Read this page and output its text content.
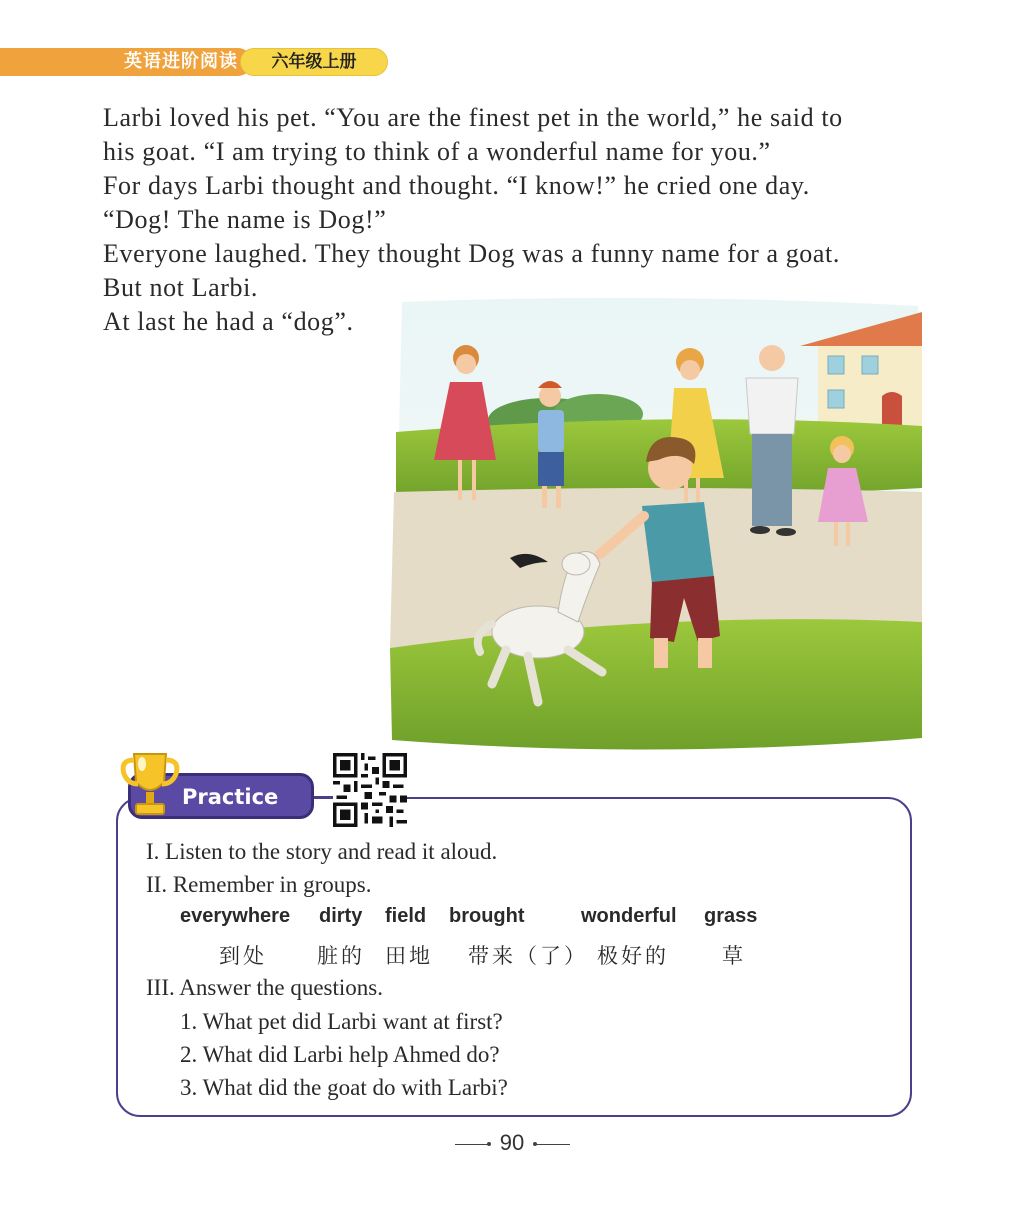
英语进阶阅读	六年级上册

Larbi loved his pet. “You are the finest pet in the world,” he said to

his goat. “I am trying to think of a wonderful name for you.”

For days Larbi thought and thought. “I know!” he cried one day.

“Dog! The name is Dog!”

Everyone laughed. They thought Dog was a funny name for a goat.

But not Larbi.

At last he had a “dog”.

Practice
I. Listen to the story and read it aloud.
II. Remember in groups.
everywhere dirty field brought	wonderful grass
到处 脏的 田地 带来（了） 极好的	草
III. Answer the questions.
1. What pet did Larbi want at first?
2. What did Larbi help Ahmed do?
3. What did the goat do with Larbi?
90
